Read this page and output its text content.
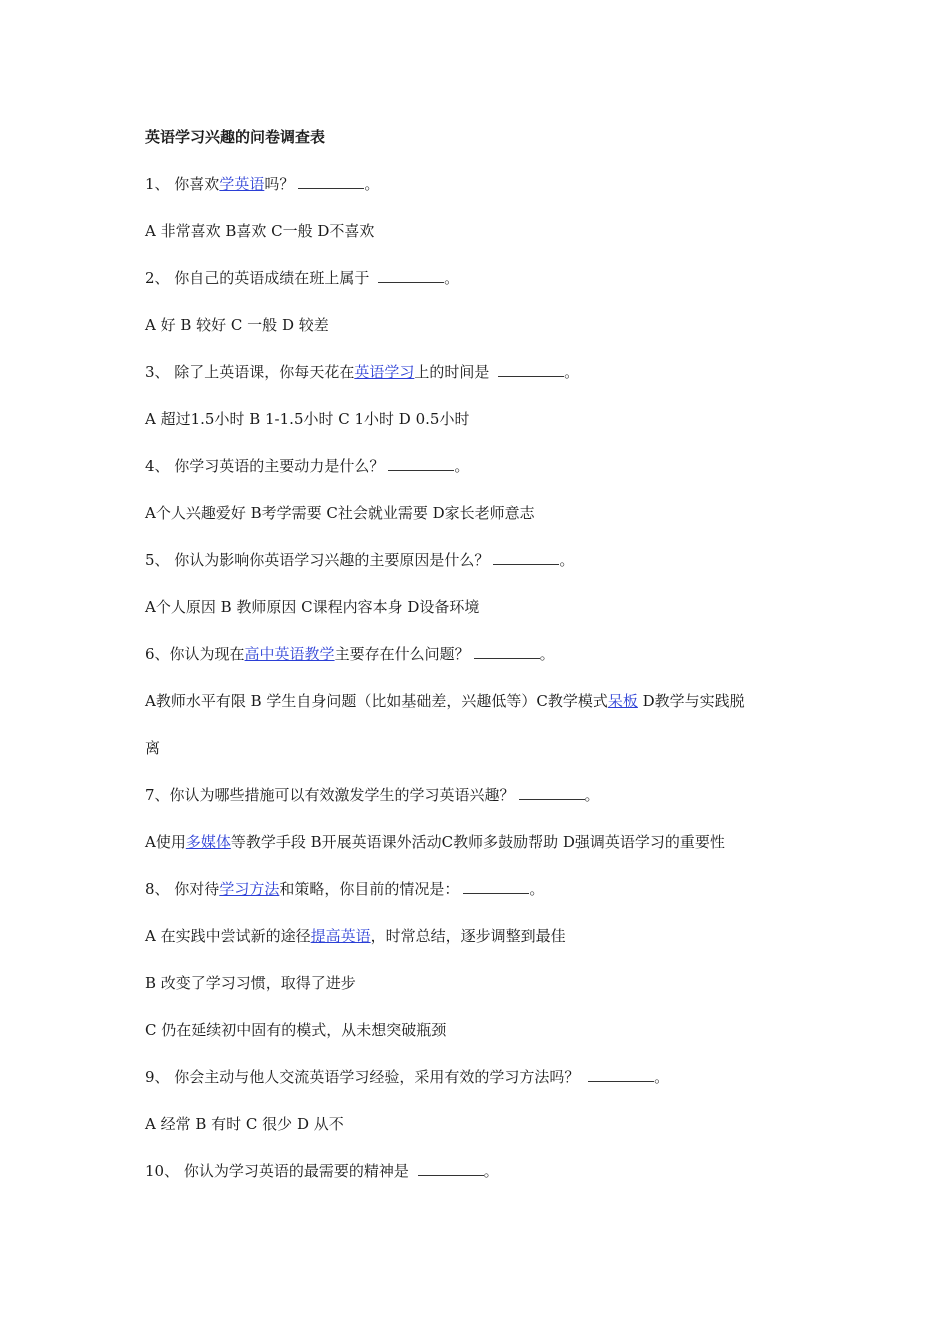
英语学习兴趣的问卷调查表
1、 你喜欢学英语吗？	。
A 非常喜欢 B喜欢 C一般 D不喜欢
2、 你自己的英语成绩在班上属于	。
A 好 B 较好 C 一般 D 较差
3、 除了上英语课，你每天花在英语学习上的时间是	。
A 超过1.5小时 B 1-1.5小时 C 1小时 D 0.5小时
4、 你学习英语的主要动力是什么？	。
A个人兴趣爱好 B考学需要 C社会就业需要 D家长老师意志
5、 你认为影响你英语学习兴趣的主要原因是什么？	。
A个人原因 B 教师原因 C课程内容本身 D设备环境
6、你认为现在高中英语教学主要存在什么问题？	。
A教师水平有限 B 学生自身问题（比如基础差，兴趣低等）C教学模式呆板 D教学与实践脱
离
7、你认为哪些措施可以有效激发学生的学习英语兴趣？	。
A使用多媒体等教学手段 B开展英语课外活动C教师多鼓励帮助 D强调英语学习的重要性
8、 你对待学习方法和策略，你目前的情况是：	。
A 在实践中尝试新的途径提高英语，时常总结，逐步调整到最佳
B 改变了学习习惯，取得了进步
C 仍在延续初中固有的模式，从未想突破瓶颈
9、 你会主动与他人交流英语学习经验，采用有效的学习方法吗？	。
A 经常 B 有时 C 很少 D 从不
10、 你认为学习英语的最需要的精神是	。
